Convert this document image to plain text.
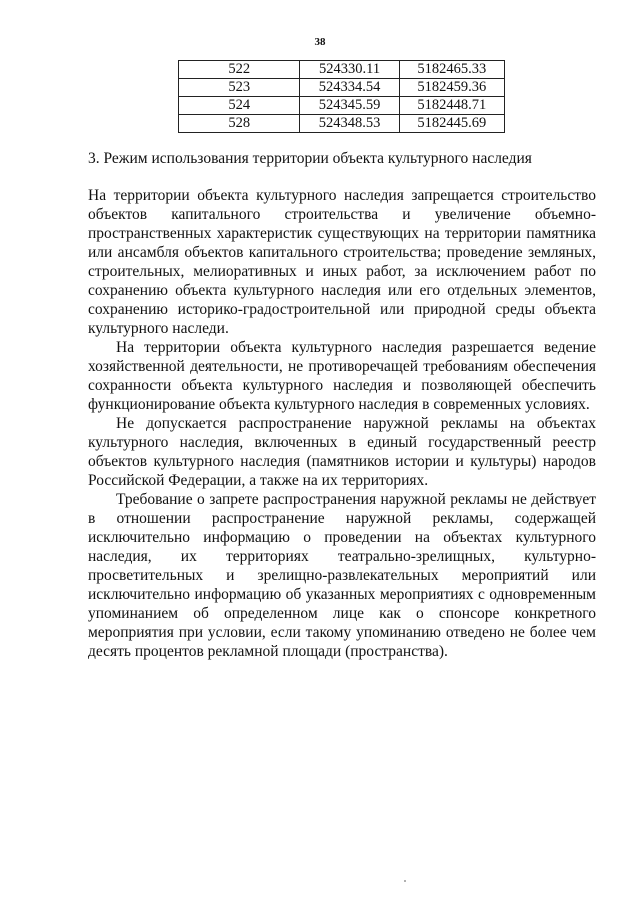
38
522	524330.11	5182465.33
523	524334.54	5182459.36
524	524345.59	5182448.71
528	524348.53	5182445.69
3. Режим использования территории объекта культурного наследия

На территории объекта культурного наследия запрещается строительство объектов капитального строительства и увеличение объемно-пространственных характеристик существующих на территории памятника или ансамбля объектов капитального строительства; проведение земляных, строительных, мелиоративных и иных работ, за исключением работ по сохранению объекта культурного наследия или его отдельных элементов, сохранению историко-градостроительной или природной среды объекта культурного наследи.

На территории объекта культурного наследия разрешается ведение хозяйственной деятельности, не противоречащей требованиям обеспечения сохранности объекта культурного наследия и позволяющей обеспечить функционирование объекта культурного наследия в современных условиях.

Не допускается распространение наружной рекламы на объектах культурного наследия, включенных в единый государственный реестр объектов культурного наследия (памятников истории и культуры) народов Российской Федерации, а также на их территориях.

Требование о запрете распространения наружной рекламы не действует в отношении распространение наружной рекламы, содержащей исключительно информацию о проведении на объектах культурного наследия, их территориях театрально-зрелищных, культурно-просветительных и зрелищно-развлекательных мероприятий или исключительно информацию об указанных мероприятиях с одновременным упоминанием об определенном лице как о спонсоре конкретного мероприятия при условии, если такому упоминанию отведено не более чем десять процентов рекламной площади (пространства).
